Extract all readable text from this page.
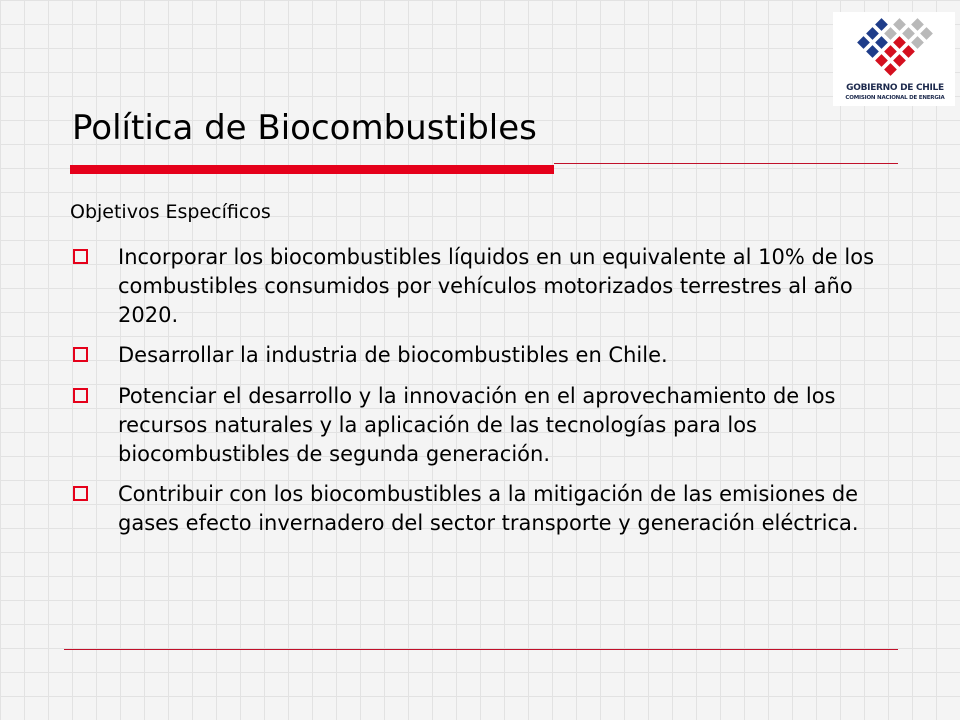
GOBIERNO DE CHILE
COMISION NACIONAL DE ENERGIA
Política de Biocombustibles

Objetivos Específicos

Incorporar los biocombustibles líquidos en un equivalente al 10% de los combustibles consumidos por vehículos motorizados terrestres al año 2020.
Desarrollar la industria de biocombustibles en Chile.
Potenciar el desarrollo y la innovación en el aprovechamiento de los recursos naturales y la aplicación de las tecnologías para los biocombustibles de segunda generación.
Contribuir con los biocombustibles a la mitigación de las emisiones de gases efecto invernadero del sector transporte y generación eléctrica.
